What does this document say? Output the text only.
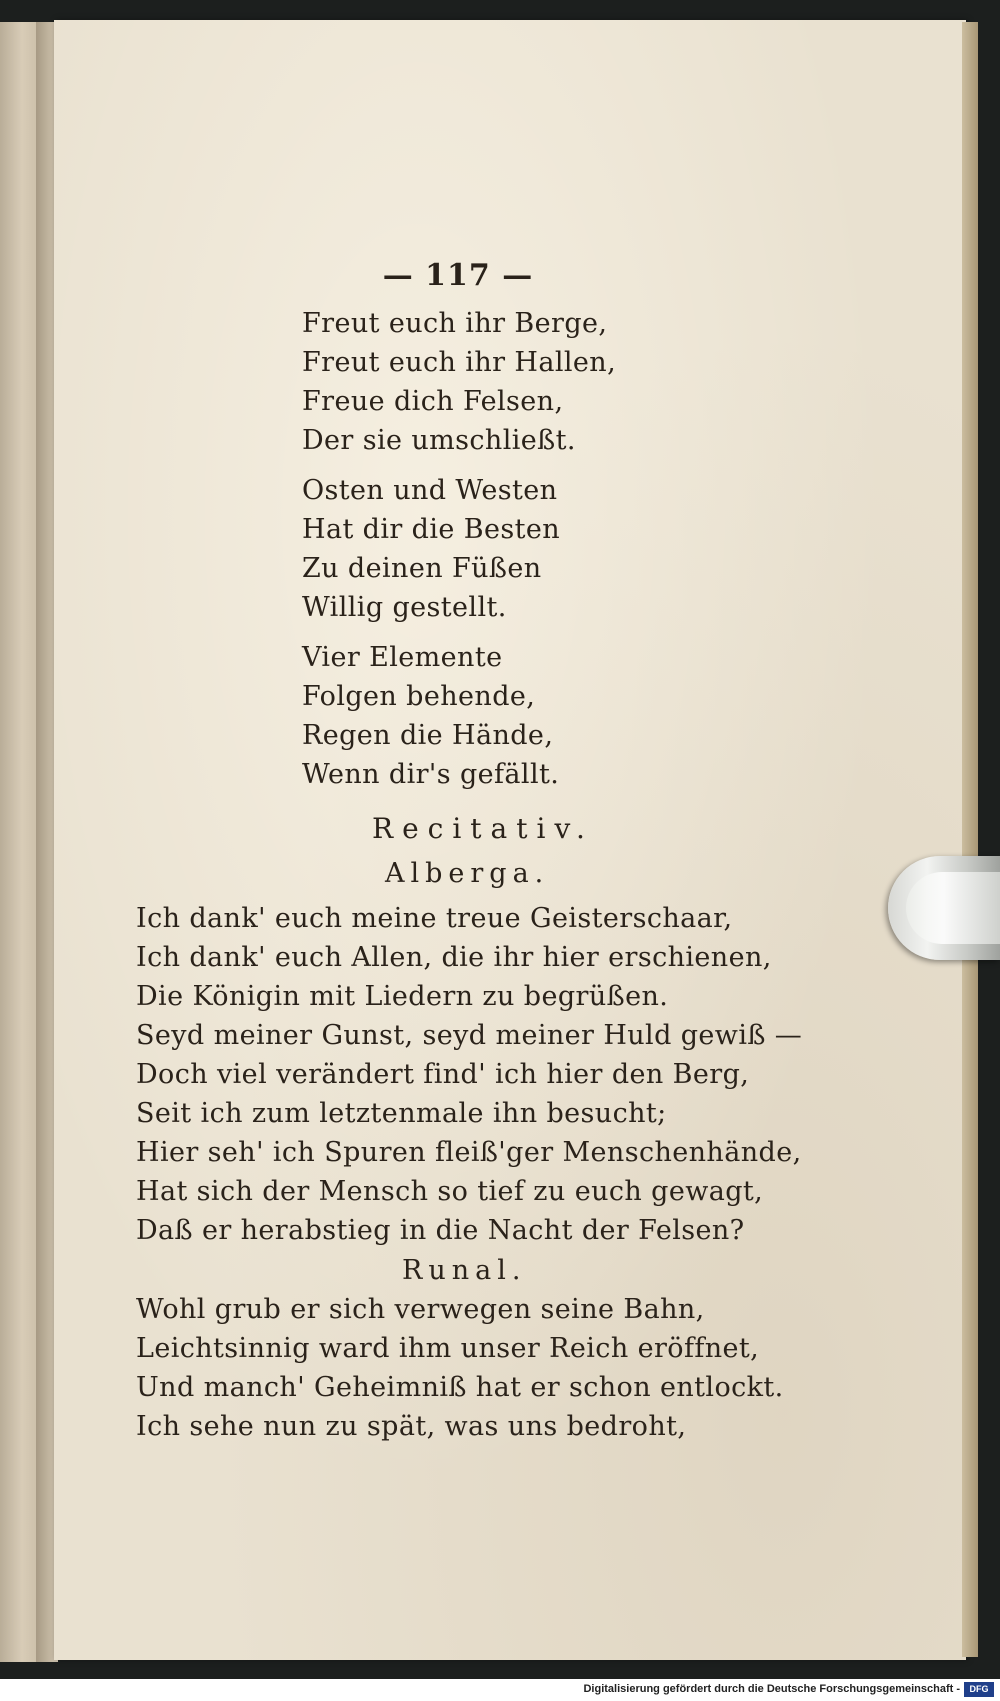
— 117 —
Freut euch ihr Berge,
Freut euch ihr Hallen,
Freue dich Felsen,
Der sie umschließt.
Osten und Westen
Hat dir die Besten
Zu deinen Füßen
Willig gestellt.
Vier Elemente
Folgen behende,
Regen die Hände,
Wenn dir's gefällt.
Recitativ.
Alberga.
Ich dank' euch meine treue Geisterschaar,
Ich dank' euch Allen, die ihr hier erschienen,
Die Königin mit Liedern zu begrüßen.
Seyd meiner Gunst, seyd meiner Huld gewiß —
Doch viel verändert find' ich hier den Berg,
Seit ich zum letztenmale ihn besucht;
Hier seh' ich Spuren fleiß'ger Menschenhände,
Hat sich der Mensch so tief zu euch gewagt,
Daß er herabstieg in die Nacht der Felsen?
Runal.
Wohl grub er sich verwegen seine Bahn,
Leichtsinnig ward ihm unser Reich eröffnet,
Und manch' Geheimniß hat er schon entlockt.
Ich sehe nun zu spät, was uns bedroht,
Digitalisierung gefördert durch die Deutsche Forschungsgemeinschaft -	DFG
